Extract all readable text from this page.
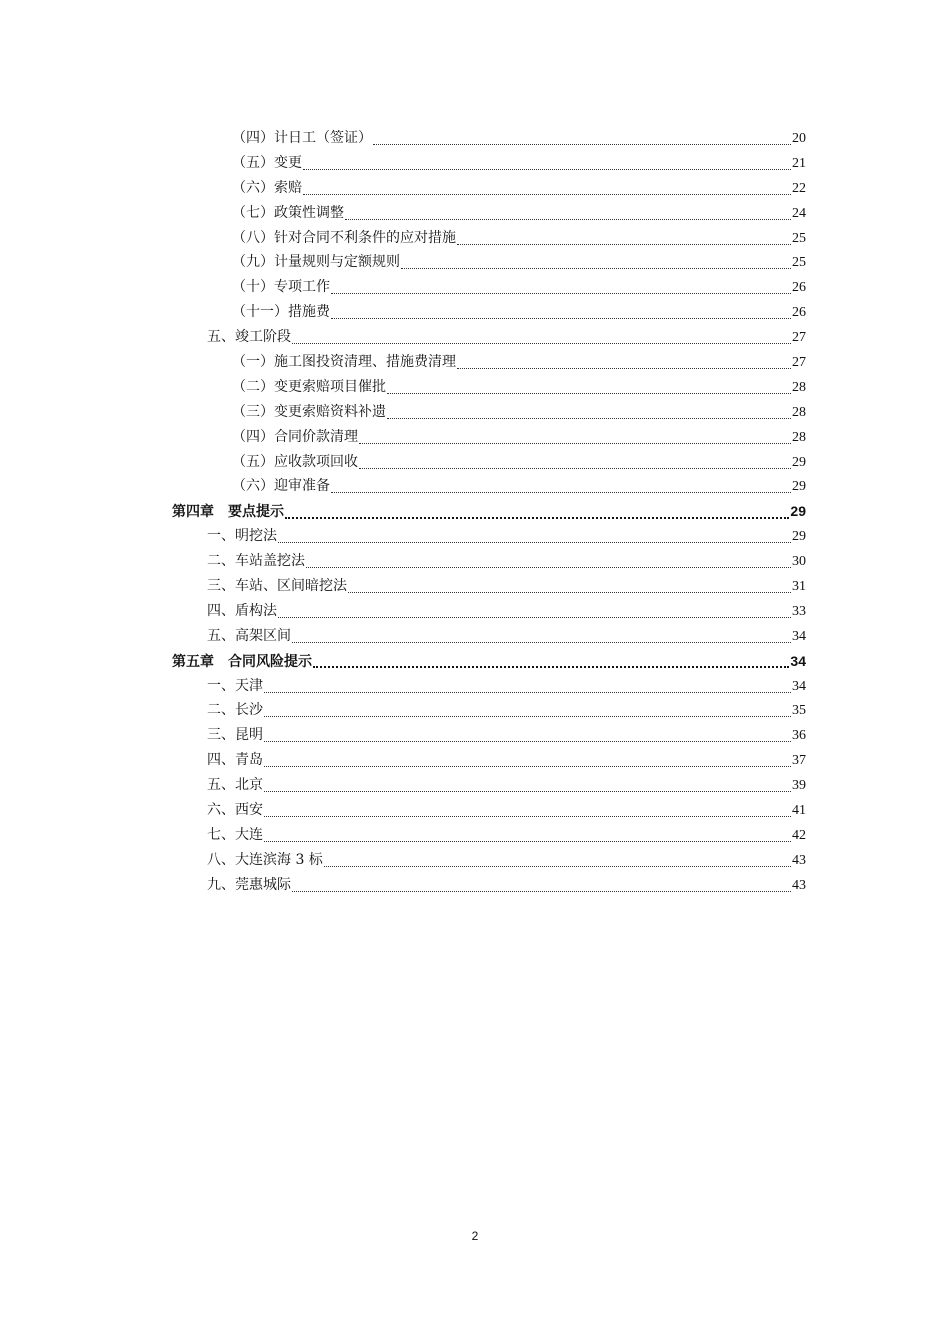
（四）计日工（签证）	20
（五）变更	21
（六）索赔	22
（七）政策性调整	24
（八）针对合同不利条件的应对措施	25
（九）计量规则与定额规则	25
（十）专项工作	26
（十一）措施费	26
五、竣工阶段	27
（一）施工图投资清理、措施费清理	27
（二）变更索赔项目催批	28
（三）变更索赔资料补遗	28
（四）合同价款清理	28
（五）应收款项回收	29
（六）迎审准备	29
第四章　要点提示	29
一、明挖法	29
二、车站盖挖法	30
三、车站、区间暗挖法	31
四、盾构法	33
五、高架区间	34
第五章　合同风险提示	34
一、天津	34
二、长沙	35
三、昆明	36
四、青岛	37
五、北京	39
六、西安	41
七、大连	42
八、大连滨海 3 标	43
九、莞惠城际	43
2
